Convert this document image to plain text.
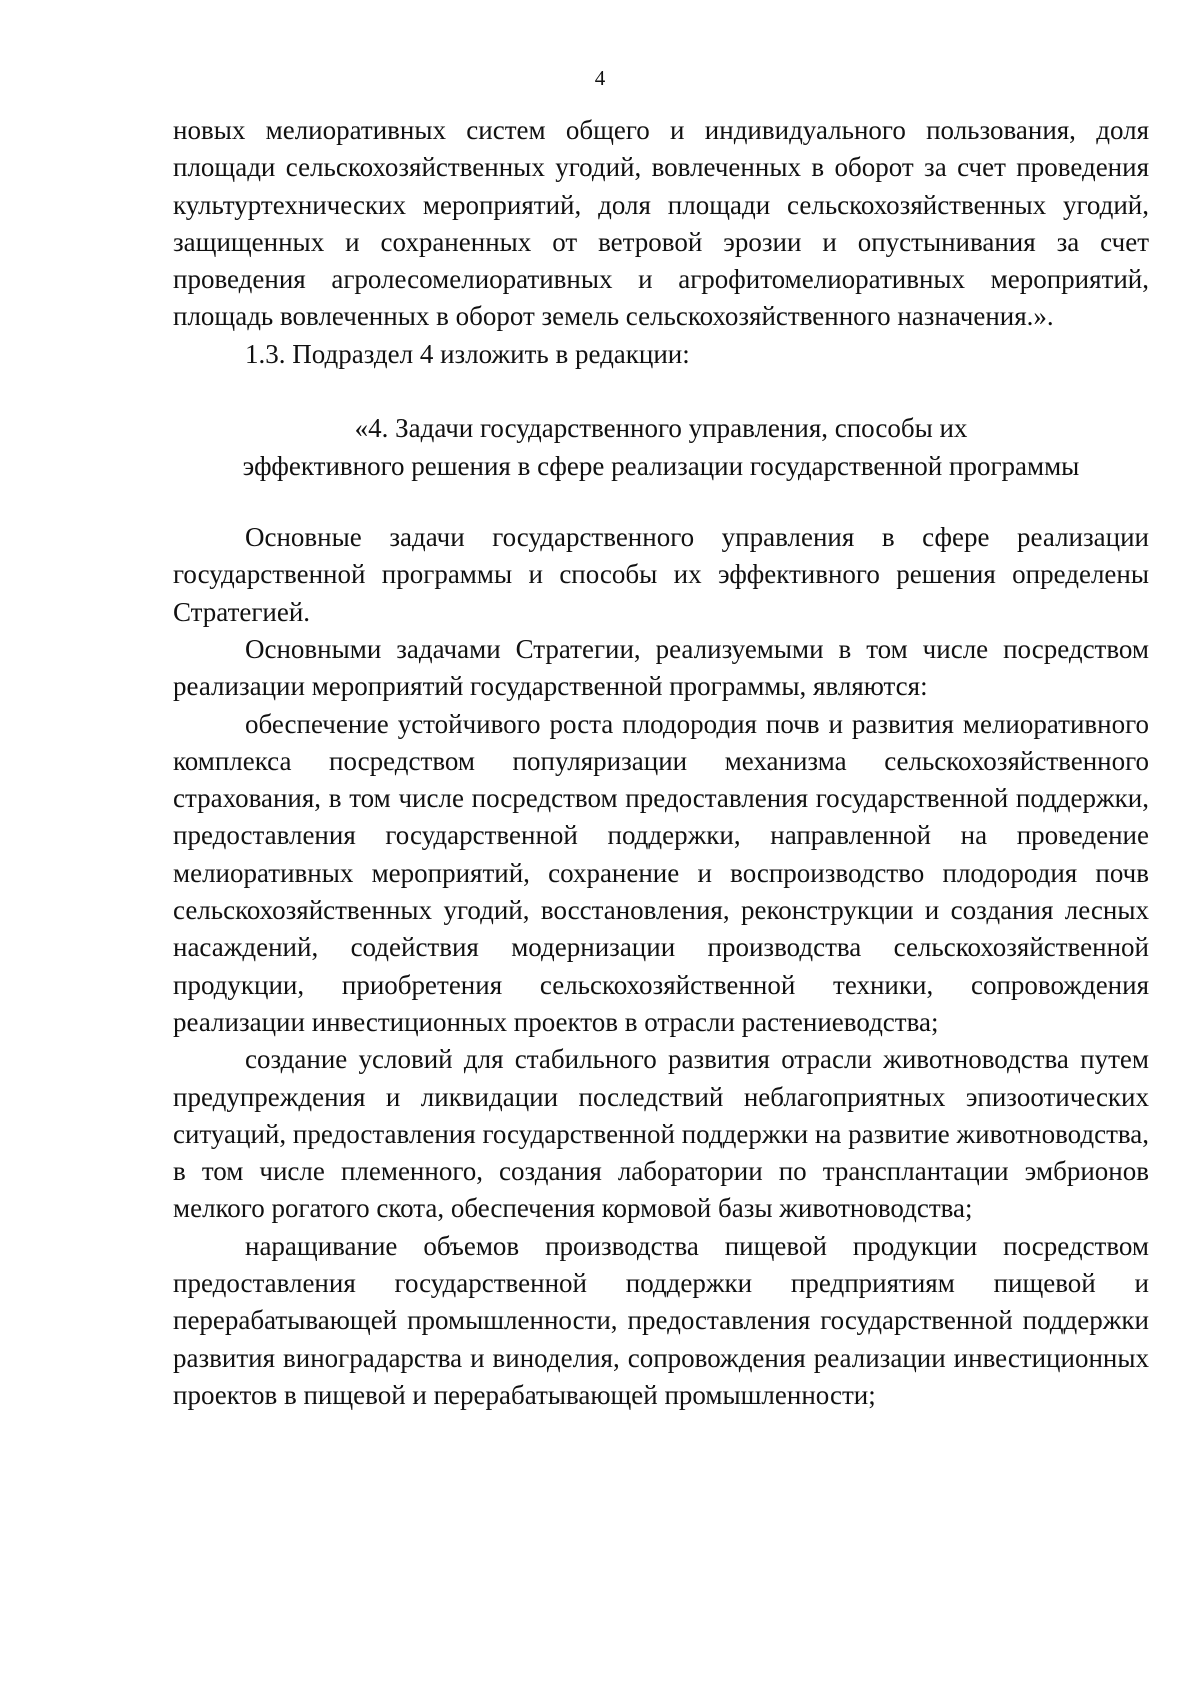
4

новых мелиоративных систем общего и индивидуального пользования, доля площади сельскохозяйственных угодий, вовлеченных в оборот за счет проведения культуртехнических мероприятий, доля площади сельскохозяйственных угодий, защищенных и сохраненных от ветровой эрозии и опустынивания за счет проведения агролесомелиоративных и агрофитомелиоративных мероприятий, площадь вовлеченных в оборот земель сельскохозяйственного назначения.».

1.3. Подраздел 4 изложить в редакции:

«4. Задачи государственного управления, способы их
эффективного решения в сфере реализации государственной программы

Основные задачи государственного управления в сфере реализации государственной программы и способы их эффективного решения определены Стратегией.

Основными задачами Стратегии, реализуемыми в том числе посредством реализации мероприятий государственной программы, являются:

обеспечение устойчивого роста плодородия почв и развития мелиоративного комплекса посредством популяризации механизма сельскохозяйственного страхования, в том числе посредством предоставления государственной поддержки, предоставления государственной поддержки, направленной на проведение мелиоративных мероприятий, сохранение и воспроизводство плодородия почв сельскохозяйственных угодий, восстановления, реконструкции и создания лесных насаждений, содействия модернизации производства сельскохозяйственной продукции, приобретения сельскохозяйственной техники, сопровождения реализации инвестиционных проектов в отрасли растениеводства;

создание условий для стабильного развития отрасли животноводства путем предупреждения и ликвидации последствий неблагоприятных эпизоотических ситуаций, предоставления государственной поддержки на развитие животноводства, в том числе племенного, создания лаборатории по трансплантации эмбрионов мелкого рогатого скота, обеспечения кормовой базы животноводства;

наращивание объемов производства пищевой продукции посредством предоставления государственной поддержки предприятиям пищевой и перерабатывающей промышленности, предоставления государственной поддержки развития виноградарства и виноделия, сопровождения реализации инвестиционных проектов в пищевой и перерабатывающей промышленности;
